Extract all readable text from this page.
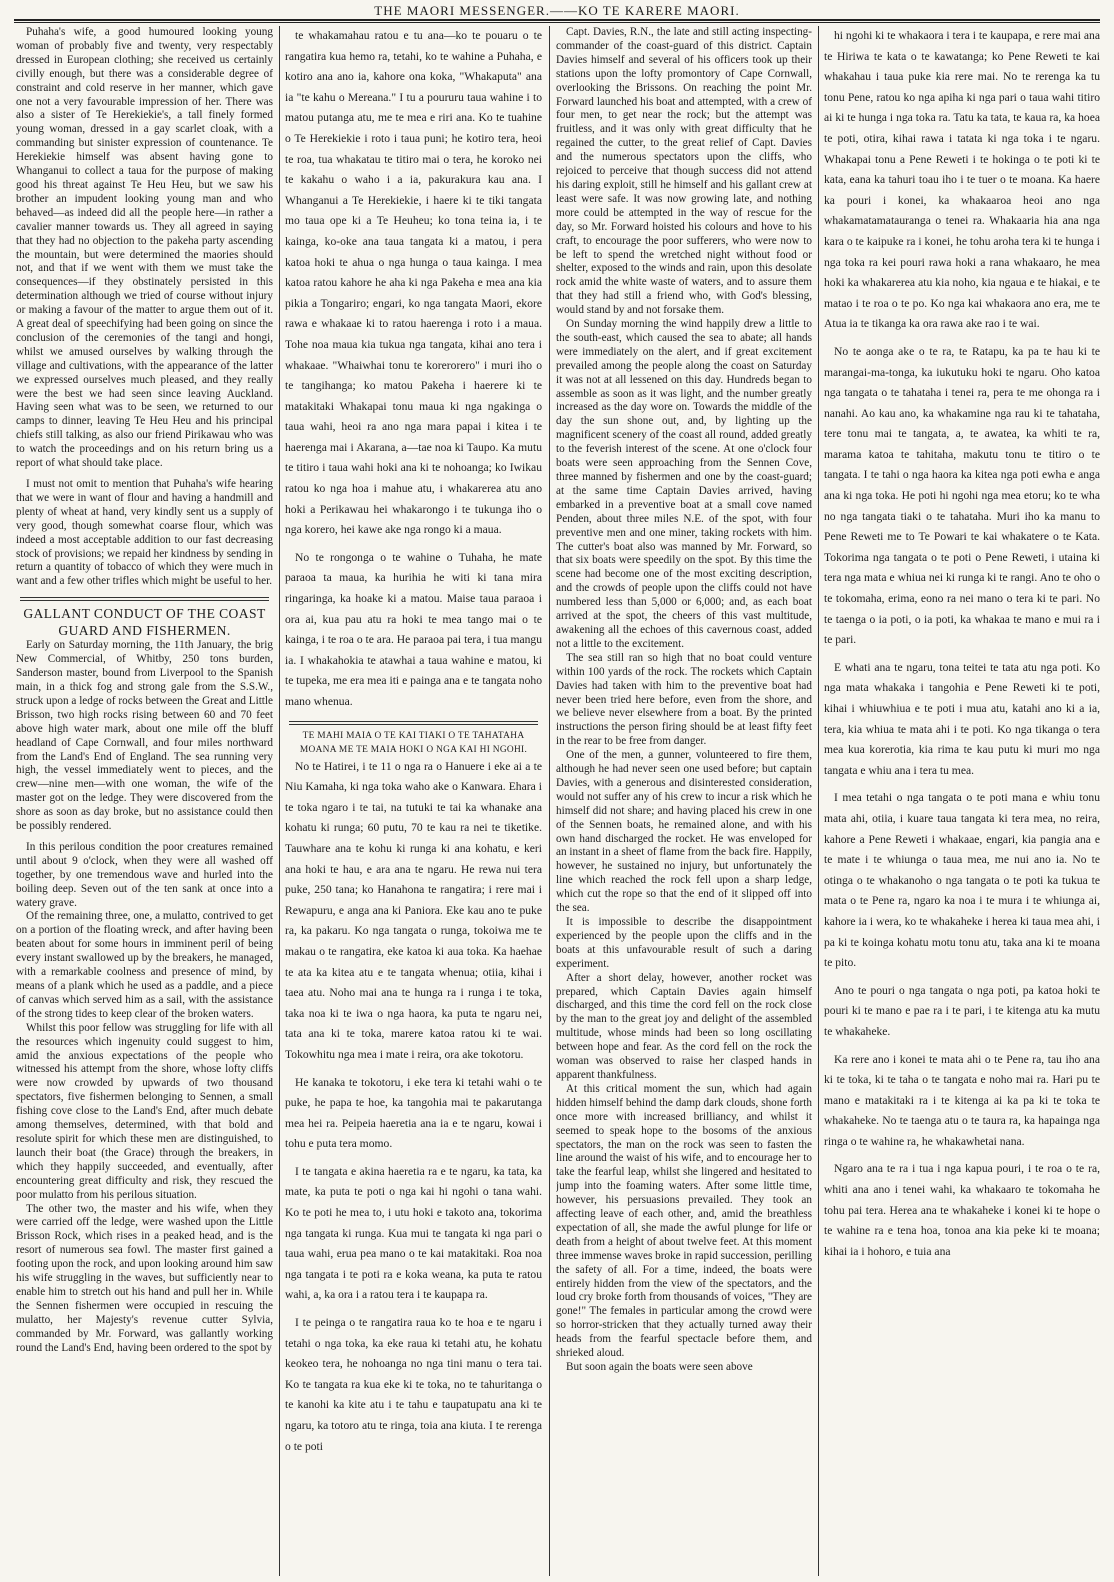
THE MAORI MESSENGER.——KO TE KARERE MAORI.

Puhaha's wife, a good humoured looking young woman of probably five and twenty, very respectably dressed in European clothing; she received us certainly civilly enough, but there was a considerable degree of constraint and cold reserve in her manner, which gave one not a very favourable impression of her. There was also a sister of Te Herekiekie's, a tall finely formed young woman, dressed in a gay scarlet cloak, with a commanding but sinister expression of countenance. Te Herekiekie himself was absent having gone to Whanganui to collect a taua for the purpose of making good his threat against Te Heu Heu, but we saw his brother an impudent looking young man and who behaved—as indeed did all the people here—in rather a cavalier manner towards us. They all agreed in saying that they had no objection to the pakeha party ascending the mountain, but were determined the maories should not, and that if we went with them we must take the consequences—if they obstinately persisted in this determination although we tried of course without injury or making a favour of the matter to argue them out of it. A great deal of speechifying had been going on since the conclusion of the ceremonies of the tangi and hongi, whilst we amused ourselves by walking through the village and cultivations, with the appearance of the latter we expressed ourselves much pleased, and they really were the best we had seen since leaving Auckland. Having seen what was to be seen, we returned to our camps to dinner, leaving Te Heu Heu and his principal chiefs still talking, as also our friend Pirikawau who was to watch the proceedings and on his return bring us a report of what should take place.

I must not omit to mention that Puhaha's wife hearing that we were in want of flour and having a handmill and plenty of wheat at hand, very kindly sent us a supply of very good, though somewhat coarse flour, which was indeed a most acceptable addition to our fast decreasing stock of provisions; we repaid her kindness by sending in return a quantity of tobacco of which they were much in want and a few other trifles which might be useful to her.

GALLANT CONDUCT OF THE COAST GUARD AND FISHERMEN.

Early on Saturday morning, the 11th January, the brig New Commercial, of Whitby, 250 tons burden, Sanderson master, bound from Liverpool to the Spanish main, in a thick fog and strong gale from the S.S.W., struck upon a ledge of rocks between the Great and Little Brisson, two high rocks rising between 60 and 70 feet above high water mark, about one mile off the bluff headland of Cape Cornwall, and four miles northward from the Land's End of England. The sea running very high, the vessel immediately went to pieces, and the crew—nine men—with one woman, the wife of the master got on the ledge. They were discovered from the shore as soon as day broke, but no assistance could then be possibly rendered.

In this perilous condition the poor creatures remained until about 9 o'clock, when they were all washed off together, by one tremendous wave and hurled into the boiling deep. Seven out of the ten sank at once into a watery grave.

Of the remaining three, one, a mulatto, contrived to get on a portion of the floating wreck, and after having been beaten about for some hours in imminent peril of being every instant swallowed up by the breakers, he managed, with a remarkable coolness and presence of mind, by means of a plank which he used as a paddle, and a piece of canvas which served him as a sail, with the assistance of the strong tides to keep clear of the broken waters.

Whilst this poor fellow was struggling for life with all the resources which ingenuity could suggest to him, amid the anxious expectations of the people who witnessed his attempt from the shore, whose lofty cliffs were now crowded by upwards of two thousand spectators, five fishermen belonging to Sennen, a small fishing cove close to the Land's End, after much debate among themselves, determined, with that bold and resolute spirit for which these men are distinguished, to launch their boat (the Grace) through the breakers, in which they happily succeeded, and eventually, after encountering great difficulty and risk, they rescued the poor mulatto from his perilous situation.

The other two, the master and his wife, when they were carried off the ledge, were washed upon the Little Brisson Rock, which rises in a peaked head, and is the resort of numerous sea fowl. The master first gained a footing upon the rock, and upon looking around him saw his wife struggling in the waves, but sufficiently near to enable him to stretch out his hand and pull her in. While the Sennen fishermen were occupied in rescuing the mulatto, her Majesty's revenue cutter Sylvia, commanded by Mr. Forward, was gallantly working round the Land's End, having been ordered to the spot by

te whakamahau ratou e tu ana—ko te pouaru o te rangatira kua hemo ra, tetahi, ko te wahine a Puhaha, e kotiro ana ano ia, kahore ona koka, "Whakaputa" ana ia "te kahu o Mereana." I tu a poururu taua wahine i to matou putanga atu, me te mea e riri ana. Ko te tuahine o Te Herekiekie i roto i taua puni; he kotiro tera, heoi te roa, tua whakatau te titiro mai o tera, he koroko nei te kakahu o waho i a ia, pakurakura kau ana. I Whanganui a Te Herekiekie, i haere ki te tiki tangata mo taua ope ki a Te Heuheu; ko tona teina ia, i te kainga, ko-oke ana taua tangata ki a matou, i pera katoa hoki te ahua o nga hunga o taua kainga. I mea katoa ratou kahore he aha ki nga Pakeha e mea ana kia pikia a Tongariro; engari, ko nga tangata Maori, ekore rawa e whakaae ki to ratou haerenga i roto i a maua. Tohe noa maua kia tukua nga tangata, kihai ano tera i whakaae. "Whaiwhai tonu te korerorero" i muri iho o te tangihanga; ko matou Pakeha i haerere ki te matakitaki Whakapai tonu maua ki nga ngakinga o taua wahi, heoi ra ano nga mara papai i kitea i te haerenga mai i Akarana, a—tae noa ki Taupo. Ka mutu te titiro i taua wahi hoki ana ki te nohoanga; ko Iwikau ratou ko nga hoa i mahue atu, i whakarerea atu ano hoki a Perikawau hei whakarongo i te tukunga iho o nga korero, hei kawe ake nga rongo ki a maua.

No te rongonga o te wahine o Tuhaha, he mate paraoa ta maua, ka hurihia he witi ki tana mira ringaringa, ka hoake ki a matou. Maise taua paraoa i ora ai, kua pau atu ra hoki te mea tango mai o te kainga, i te roa o te ara. He paraoa pai tera, i tua mangu ia. I whakahokia te atawhai a taua wahine e matou, ki te tupeka, me era mea iti e painga ana e te tangata noho mano whenua.

TE MAHI MAIA O TE KAI TIAKI O TE TAHATAHA MOANA ME TE MAIA HOKI O NGA KAI HI NGOHI.

No te Hatirei, i te 11 o nga ra o Hanuere i eke ai a te Niu Kamaha, ki nga toka waho ake o Kanwara. Ehara i te toka ngaro i te tai, na tutuki te tai ka whanake ana kohatu ki runga; 60 putu, 70 te kau ra nei te tiketike. Tauwhare ana te kohu ki runga ki ana kohatu, e keri ana hoki te hau, e ara ana te ngaru. He rewa nui tera puke, 250 tana; ko Hanahona te rangatira; i rere mai i Rewapuru, e anga ana ki Paniora. Eke kau ano te puke ra, ka pakaru. Ko nga tangata o runga, tokoiwa me te makau o te rangatira, eke katoa ki aua toka. Ka haehae te ata ka kitea atu e te tangata whenua; otiia, kihai i taea atu. Noho mai ana te hunga ra i runga i te toka, taka noa ki te iwa o nga haora, ka puta te ngaru nei, tata ana ki te toka, marere katoa ratou ki te wai. Tokowhitu nga mea i mate i reira, ora ake tokotoru.

He kanaka te tokotoru, i eke tera ki tetahi wahi o te puke, he papa te hoe, ka tangohia mai te pakarutanga mea hei ra. Peipeia haeretia ana ia e te ngaru, kowai i tohu e puta tera momo.

I te tangata e akina haeretia ra e te ngaru, ka tata, ka mate, ka puta te poti o nga kai hi ngohi o tana wahi. Ko te poti he mea to, i utu hoki e takoto ana, tokorima nga tangata ki runga. Kua mui te tangata ki nga pari o taua wahi, erua pea mano o te kai matakitaki. Roa noa nga tangata i te poti ra e koka weana, ka puta te ratou wahi, a, ka ora i a ratou tera i te kaupapa ra.

I te peinga o te rangatira raua ko te hoa e te ngaru i tetahi o nga toka, ka eke raua ki tetahi atu, he kohatu keokeo tera, he nohoanga no nga tini manu o tera tai. Ko te tangata ra kua eke ki te toka, no te tahuritanga o te kanohi ka kite atu i te tahu e taupatupatu ana ki te ngaru, ka totoro atu te ringa, toia ana kiuta. I te rerenga o te poti

Capt. Davies, R.N., the late and still acting inspecting-commander of the coast-guard of this district. Captain Davies himself and several of his officers took up their stations upon the lofty promontory of Cape Cornwall, overlooking the Brissons. On reaching the point Mr. Forward launched his boat and attempted, with a crew of four men, to get near the rock; but the attempt was fruitless, and it was only with great difficulty that he regained the cutter, to the great relief of Capt. Davies and the numerous spectators upon the cliffs, who rejoiced to perceive that though success did not attend his daring exploit, still he himself and his gallant crew at least were safe. It was now growing late, and nothing more could be attempted in the way of rescue for the day, so Mr. Forward hoisted his colours and hove to his craft, to encourage the poor sufferers, who were now to be left to spend the wretched night without food or shelter, exposed to the winds and rain, upon this desolate rock amid the white waste of waters, and to assure them that they had still a friend who, with God's blessing, would stand by and not forsake them.

On Sunday morning the wind happily drew a little to the south-east, which caused the sea to abate; all hands were immediately on the alert, and if great excitement prevailed among the people along the coast on Saturday it was not at all lessened on this day. Hundreds began to assemble as soon as it was light, and the number greatly increased as the day wore on. Towards the middle of the day the sun shone out, and, by lighting up the magnificent scenery of the coast all round, added greatly to the feverish interest of the scene. At one o'clock four boats were seen approaching from the Sennen Cove, three manned by fishermen and one by the coast-guard; at the same time Captain Davies arrived, having embarked in a preventive boat at a small cove named Penden, about three miles N.E. of the spot, with four preventive men and one miner, taking rockets with him. The cutter's boat also was manned by Mr. Forward, so that six boats were speedily on the spot. By this time the scene had become one of the most exciting description, and the crowds of people upon the cliffs could not have numbered less than 5,000 or 6,000; and, as each boat arrived at the spot, the cheers of this vast multitude, awakening all the echoes of this cavernous coast, added not a little to the excitement.

The sea still ran so high that no boat could venture within 100 yards of the rock. The rockets which Captain Davies had taken with him to the preventive boat had never been tried here before, even from the shore, and we believe never elsewhere from a boat. By the printed instructions the person firing should be at least fifty feet in the rear to be free from danger.

One of the men, a gunner, volunteered to fire them, although he had never seen one used before; but captain Davies, with a generous and disinterested consideration, would not suffer any of his crew to incur a risk which he himself did not share; and having placed his crew in one of the Sennen boats, he remained alone, and with his own hand discharged the rocket. He was enveloped for an instant in a sheet of flame from the back fire. Happily, however, he sustained no injury, but unfortunately the line which reached the rock fell upon a sharp ledge, which cut the rope so that the end of it slipped off into the sea.

It is impossible to describe the disappointment experienced by the people upon the cliffs and in the boats at this unfavourable result of such a daring experiment.

After a short delay, however, another rocket was prepared, which Captain Davies again himself discharged, and this time the cord fell on the rock close by the man to the great joy and delight of the assembled multitude, whose minds had been so long oscillating between hope and fear. As the cord fell on the rock the woman was observed to raise her clasped hands in apparent thankfulness.

At this critical moment the sun, which had again hidden himself behind the damp dark clouds, shone forth once more with increased brilliancy, and whilst it seemed to speak hope to the bosoms of the anxious spectators, the man on the rock was seen to fasten the line around the waist of his wife, and to encourage her to take the fearful leap, whilst she lingered and hesitated to jump into the foaming waters. After some little time, however, his persuasions prevailed. They took an affecting leave of each other, and, amid the breathless expectation of all, she made the awful plunge for life or death from a height of about twelve feet. At this moment three immense waves broke in rapid succession, perilling the safety of all. For a time, indeed, the boats were entirely hidden from the view of the spectators, and the loud cry broke forth from thousands of voices, "They are gone!" The females in particular among the crowd were so horror-stricken that they actually turned away their heads from the fearful spectacle before them, and shrieked aloud.

But soon again the boats were seen above

hi ngohi ki te whakaora i tera i te kaupapa, e rere mai ana te Hiriwa te kata o te kawatanga; ko Pene Reweti te kai whakahau i taua puke kia rere mai. No te rerenga ka tu tonu Pene, ratou ko nga apiha ki nga pari o taua wahi titiro ai ki te hunga i nga toka ra. Tatu ka tata, te kaua ra, ka hoea te poti, otira, kihai rawa i tatata ki nga toka i te ngaru. Whakapai tonu a Pene Reweti i te hokinga o te poti ki te kata, eana ka tahuri toau iho i te tuer o te moana. Ka haere ka pouri i konei, ka whakaaroa heoi ano nga whakamatamatauranga o tenei ra. Whakaaria hia ana nga kara o te kaipuke ra i konei, he tohu aroha tera ki te hunga i nga toka ra kei pouri rawa hoki a rana whakaaro, he mea hoki ka whakarerea atu kia noho, kia ngaua e te hiakai, e te matao i te roa o te po. Ko nga kai whakaora ano era, me te Atua ia te tikanga ka ora rawa ake rao i te wai.

No te aonga ake o te ra, te Ratapu, ka pa te hau ki te marangai-ma-tonga, ka iukutuku hoki te ngaru. Oho katoa nga tangata o te tahataha i tenei ra, pera te me ohonga ra i nanahi. Ao kau ano, ka whakaminе nga rau ki te tahataha, tere tonu mai te tangata, a, te awatea, ka whiti te ra, marama katoa te tahitaha, makutu tonu te titiro o te tangata. I te tahi o nga haora ka kitea nga poti ewha e anga ana ki nga toka. He poti hi ngohi nga mea etoru; ko te wha no nga tangata tiaki o te tahataha. Muri iho ka manu to Pene Reweti me to Te Powari te kai whakatere o te Kata. Tokorima nga tangata o te poti o Pene Reweti, i utaina ki tera nga mata e whiua nei ki runga ki te rangi. Ano te oho o te tokomaha, erima, eono ra nei mano o tera ki te pari. No te taenga o ia poti, o ia poti, ka whakaa te mano e mui ra i te pari.

E whati ana te ngaru, tona teitei te tata atu nga poti. Ko nga mata whakaka i tangohia e Pene Reweti ki te poti, kihai i whiuwhiua e te poti i mua atu, katahi ano ki a ia, tera, kia whiua te mata ahi i te poti. Ko nga tikanga o tera mea kua korerotia, kia rima te kau putu ki muri mo nga tangata e whiu ana i tera tu mea.

I mea tetahi o nga tangata o te poti mana e whiu tonu mata ahi, otiia, i kuare taua tangata ki tera mea, no reira, kahore a Pene Reweti i whakaae, engari, kia pangia ana e te mate i te whiunga o taua mea, me nui ano ia. No te otinga o te whakanoho o nga tangata o te poti ka tukua te mata o te Pene ra, ngaro ka noa i te mura i te whiunga ai, kahore ia i wera, ko te whakaheke i herea ki taua mea ahi, i pa ki te koinga kohatu motu tonu atu, taka ana ki te moana te pito.

Ano te pouri o nga tangata o nga poti, pa katoa hoki te pouri ki te mano e pae ra i te pari, i te kitenga atu ka mutu te whakaheke.

Ka rere ano i konei te mata ahi o te Pene ra, tau iho ana ki te toka, ki te taha o te tangata e noho mai ra. Hari pu te mano e matakitaki ra i te kitenga ai ka pa ki te toka te whakaheke. No te taenga atu o te taura ra, ka hapainga nga ringa o te wahine ra, he whakawhetai nana.

Ngaro ana te ra i tua i nga kapua pouri, i te roa o te ra, whiti ana ano i tenei wahi, ka whakaaro te tokomaha he tohu pai tera. Herea ana te whakaheke i konei ki te hope o te wahine ra e tena hoa, tonoa ana kia peke ki te moana; kihai ia i hohoro, e tuia ana
